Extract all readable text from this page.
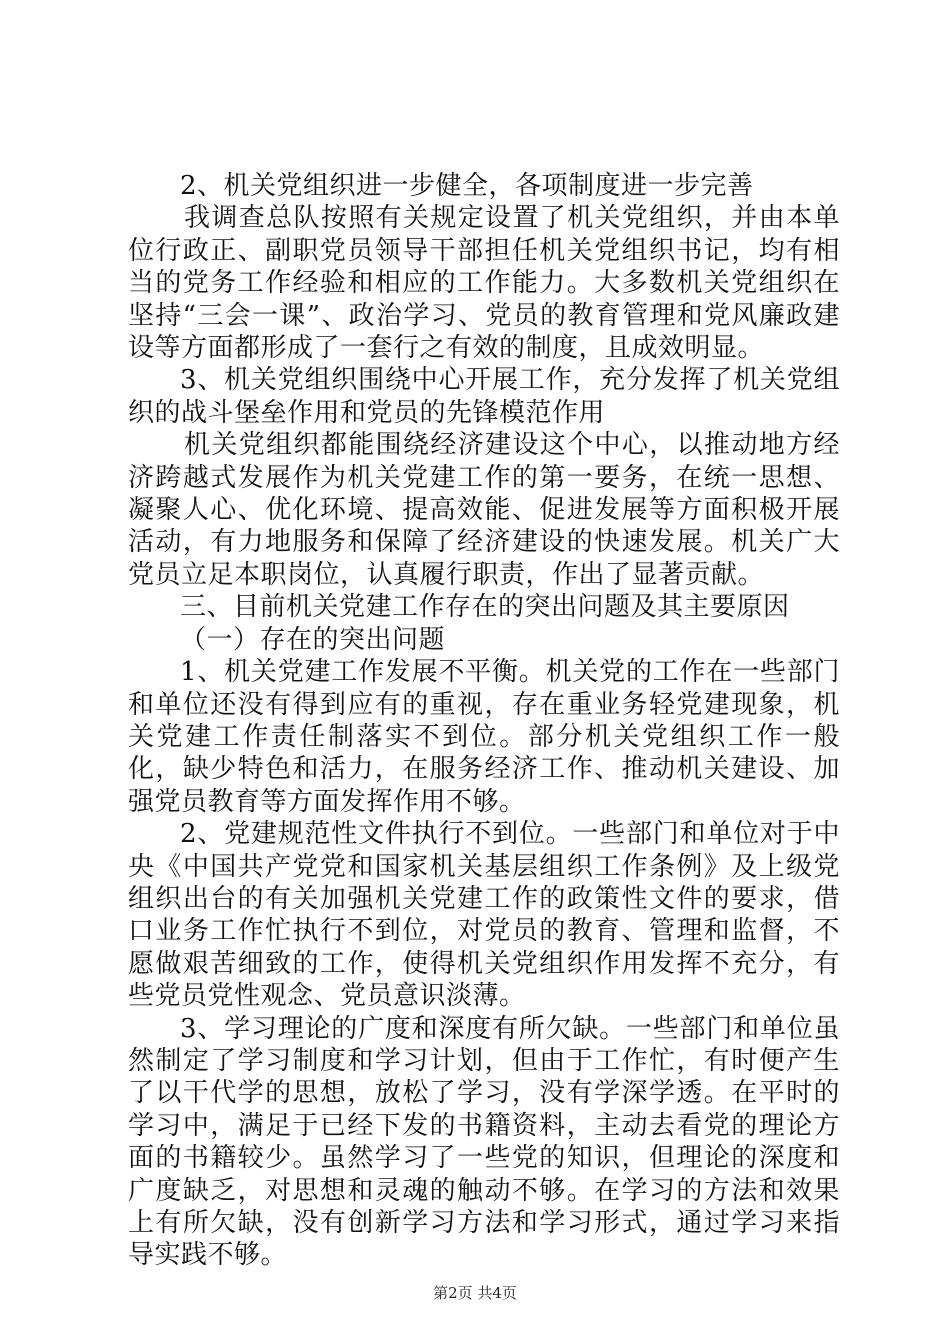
2、机关党组织进一步健全，各项制度进一步完善

我调查总队按照有关规定设置了机关党组织，并由本单位行政正、副职党员领导干部担任机关党组织书记，均有相当的党务工作经验和相应的工作能力。大多数机关党组织在坚持“三会一课”、政治学习、党员的教育管理和党风廉政建设等方面都形成了一套行之有效的制度，且成效明显。

3、机关党组织围绕中心开展工作，充分发挥了机关党组织的战斗堡垒作用和党员的先锋模范作用

机关党组织都能围绕经济建设这个中心，以推动地方经济跨越式发展作为机关党建工作的第一要务，在统一思想、凝聚人心、优化环境、提高效能、促进发展等方面积极开展活动，有力地服务和保障了经济建设的快速发展。机关广大党员立足本职岗位，认真履行职责，作出了显著贡献。

三、目前机关党建工作存在的突出问题及其主要原因

（一）存在的突出问题

1、机关党建工作发展不平衡。机关党的工作在一些部门和单位还没有得到应有的重视，存在重业务轻党建现象，机关党建工作责任制落实不到位。部分机关党组织工作一般化，缺少特色和活力，在服务经济工作、推动机关建设、加强党员教育等方面发挥作用不够。

2、党建规范性文件执行不到位。一些部门和单位对于中央《中国共产党党和国家机关基层组织工作条例》及上级党组织出台的有关加强机关党建工作的政策性文件的要求，借口业务工作忙执行不到位，对党员的教育、管理和监督，不愿做艰苦细致的工作，使得机关党组织作用发挥不充分，有些党员党性观念、党员意识淡薄。

3、学习理论的广度和深度有所欠缺。一些部门和单位虽然制定了学习制度和学习计划，但由于工作忙，有时便产生了以干代学的思想，放松了学习，没有学深学透。在平时的学习中，满足于已经下发的书籍资料，主动去看党的理论方面的书籍较少。虽然学习了一些党的知识，但理论的深度和广度缺乏，对思想和灵魂的触动不够。在学习的方法和效果上有所欠缺，没有创新学习方法和学习形式，通过学习来指导实践不够。

第2页 共4页
